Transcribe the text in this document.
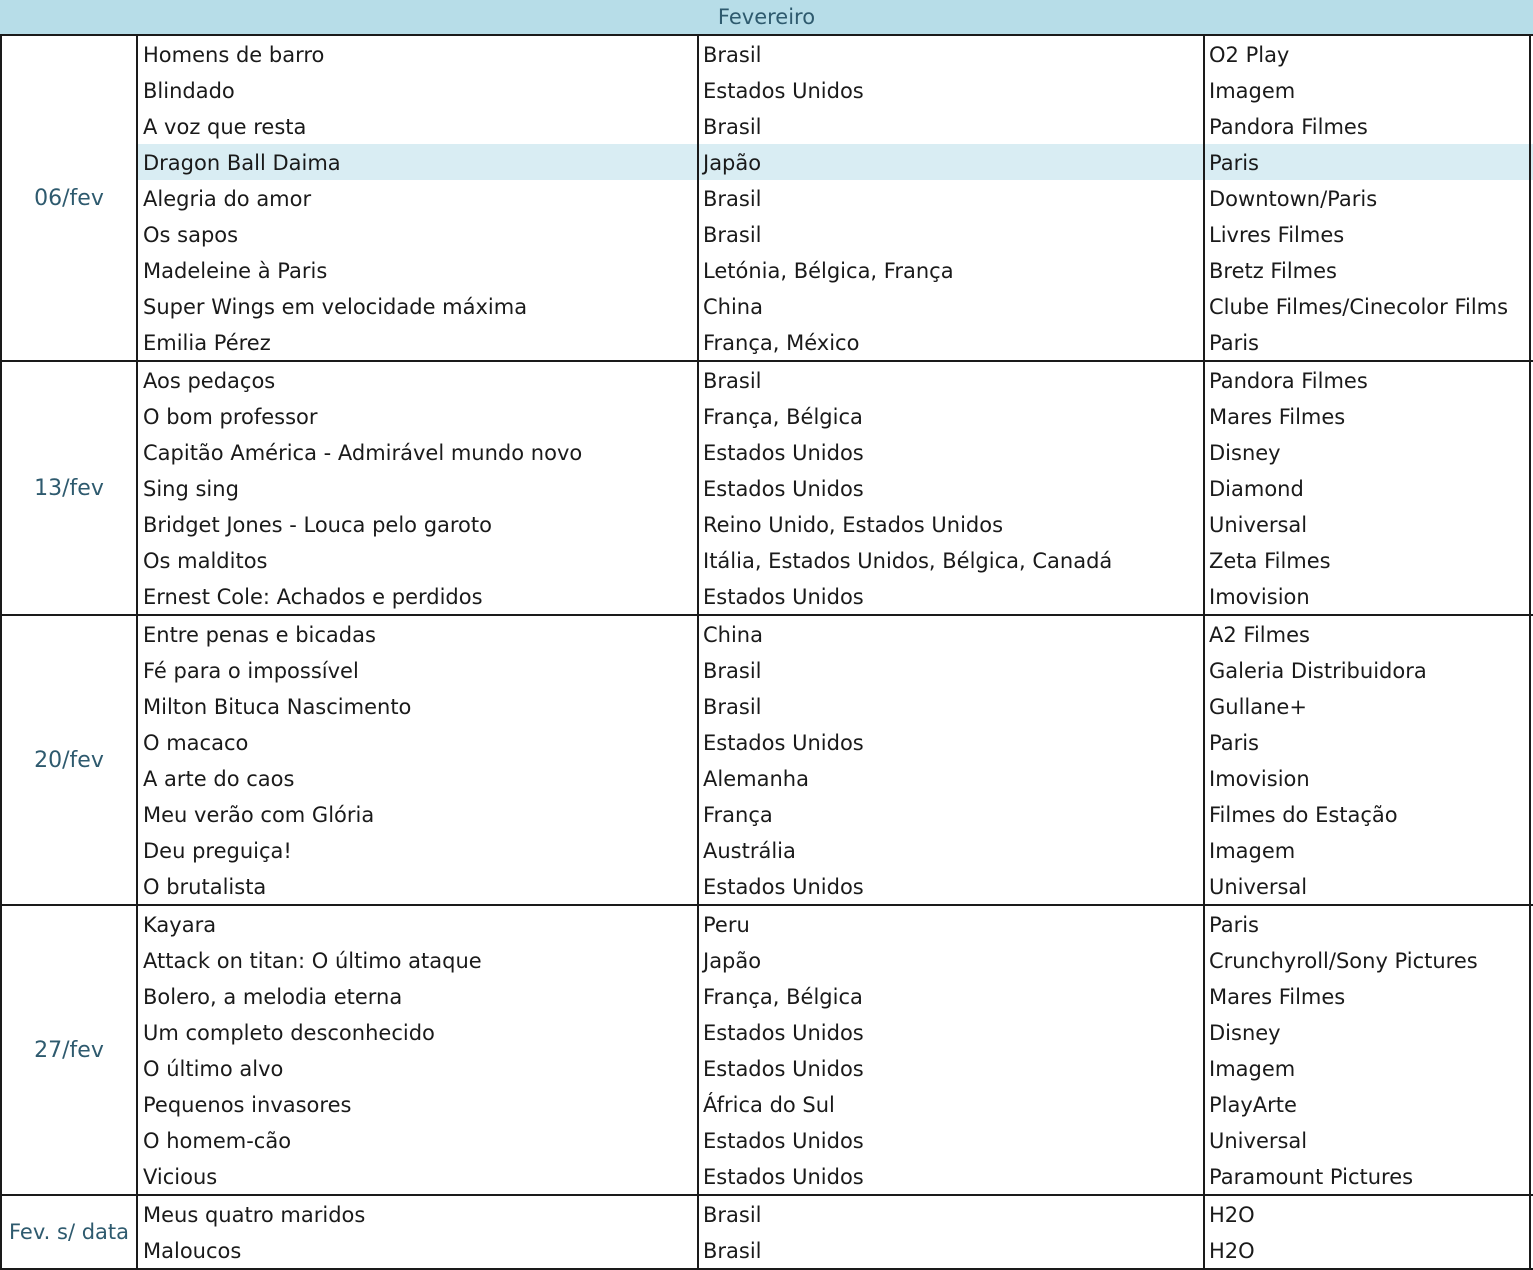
Fevereiro
06/fev
Homens de barro	Brasil	O2 Play
Blindado	Estados Unidos	Imagem
A voz que resta	Brasil	Pandora Filmes
Dragon Ball Daima	Japão	Paris
Alegria do amor	Brasil	Downtown/Paris
Os sapos	Brasil	Livres Filmes
Madeleine à Paris	Letónia, Bélgica, França	Bretz Filmes
Super Wings em velocidade máxima	China	Clube Filmes/Cinecolor Films
Emilia Pérez	França, México	Paris
13/fev
Aos pedaços	Brasil	Pandora Filmes
O bom professor	França, Bélgica	Mares Filmes
Capitão América - Admirável mundo novo	Estados Unidos	Disney
Sing sing	Estados Unidos	Diamond
Bridget Jones - Louca pelo garoto	Reino Unido, Estados Unidos	Universal
Os malditos	Itália, Estados Unidos, Bélgica, Canadá	Zeta Filmes
Ernest Cole: Achados e perdidos	Estados Unidos	Imovision
20/fev
Entre penas e bicadas	China	A2 Filmes
Fé para o impossível	Brasil	Galeria Distribuidora
Milton Bituca Nascimento	Brasil	Gullane+
O macaco	Estados Unidos	Paris
A arte do caos	Alemanha	Imovision
Meu verão com Glória	França	Filmes do Estação
Deu preguiça!	Austrália	Imagem
O brutalista	Estados Unidos	Universal
27/fev
Kayara	Peru	Paris
Attack on titan: O último ataque	Japão	Crunchyroll/Sony Pictures
Bolero, a melodia eterna	França, Bélgica	Mares Filmes
Um completo desconhecido	Estados Unidos	Disney
O último alvo	Estados Unidos	Imagem
Pequenos invasores	África do Sul	PlayArte
O homem-cão	Estados Unidos	Universal
Vicious	Estados Unidos	Paramount Pictures
Fev. s/ data
Meus quatro maridos	Brasil	H2O
Maloucos	Brasil	H2O
